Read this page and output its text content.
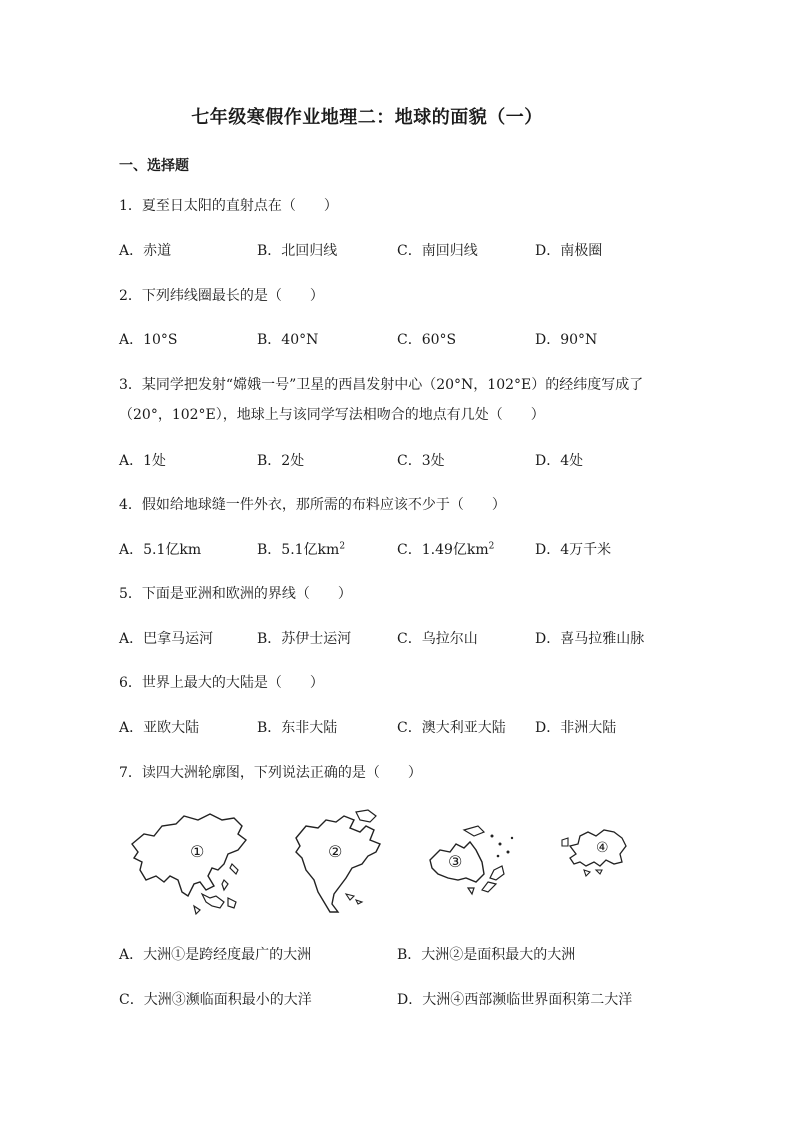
七年级寒假作业地理二：地球的面貌（一）
一、选择题
1．夏至日太阳的直射点在（　　）
A．赤道	B．北回归线	C．南回归线	D．南极圈
2．下列纬线圈最长的是（　　）
A．10°S	B．40°N	C．60°S	D．90°N
3．某同学把发射“嫦娥一号”卫星的西昌发射中心（20°N，102°E）的经纬度写成了
（20°，102°E），地球上与该同学写法相吻合的地点有几处（　　）
A．1处	B．2处	C．3处	D．4处
4．假如给地球缝一件外衣，那所需的布料应该不少于（　　）
A．5.1亿km	B．5.1亿$km^2$	C．1.49亿$km^2$	D．4万千米
5．下面是亚洲和欧洲的界线（　　）
A．巴拿马运河	B．苏伊士运河	C．乌拉尔山	D．喜马拉雅山脉
6．世界上最大的大陆是（　　）
A．亚欧大陆	B．东非大陆	C．澳大利亚大陆 D．非洲大陆
7．读四大洲轮廓图，下列说法正确的是（　　）
①	②
③
④
A．大洲①是跨经度最广的大洲	B．大洲②是面积最大的大洲
C．大洲③濒临面积最小的大洋	D．大洲④西部濒临世界面积第二大洋
